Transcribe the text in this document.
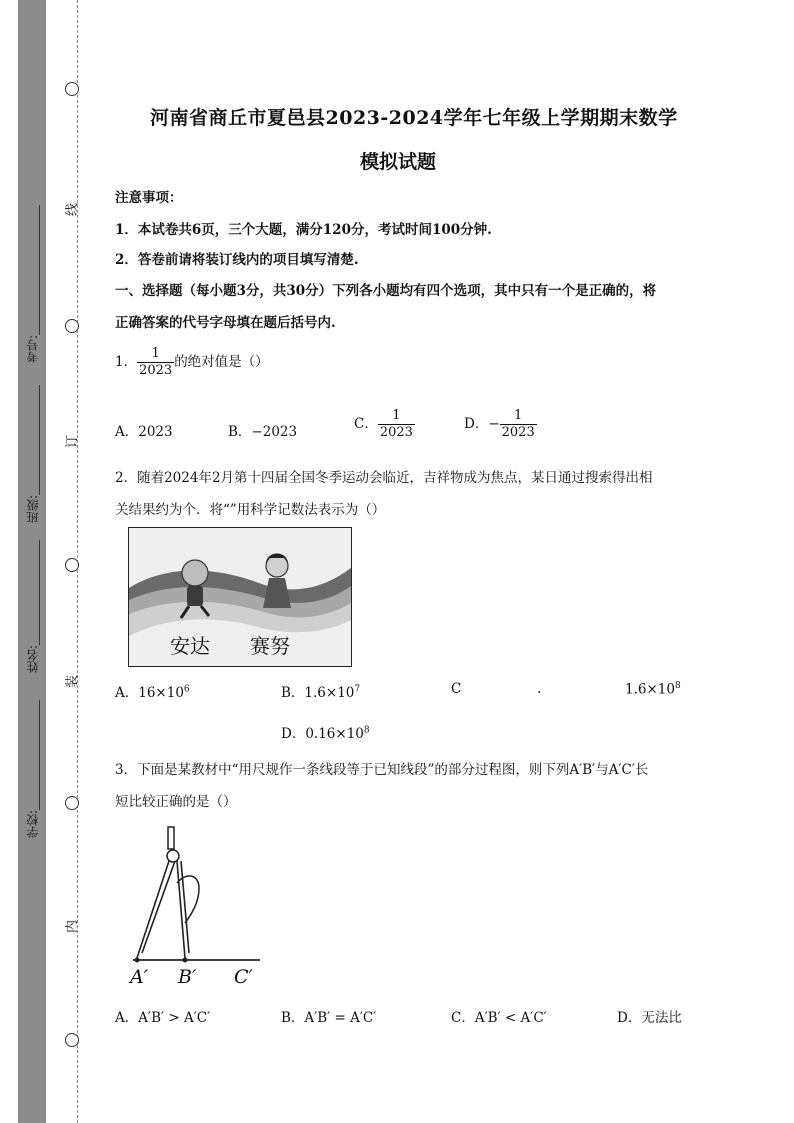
线
订
装
内
考号:
班级:
姓名:
学校:
河南省商丘市夏邑县2023-2024学年七年级上学期期末数学
模拟试题
注意事项：
1．本试卷共6页，三个大题，满分120分，考试时间100分钟.
2．答卷前请将装订线内的项目填写清楚.
一、选择题（每小题3分，共30分）下列各小题均有四个选项，其中只有一个是正确的，将
正确答案的代号字母填在题后括号内.
1． $\frac{1}{2023}$ 的绝对值是（）
A．2023	B．−2023	C． $\frac{1}{2023}$	D．− $\frac{1}{2023}$
2．随着2024年2月第十四届全国冬季运动会临近，吉祥物成为焦点，某日通过搜索得出相
关结果约为个．将“”用科学记数法表示为（）
安达 赛努
A．$16\times 10^6$	B．$1.6\times 10^7$	C	.	$1.6\times 10^8$
D．$0.16\times 10^8$
3．下面是某教材中“用尺规作一条线段等于已知线段”的部分过程图，则下列A′B′与A′C′长
短比较正确的是（）
A′ B′ C′
A．A′B′ > A′C′	B．A′B′ = A′C′	C．A′B′ < A′C′	D．无法比
